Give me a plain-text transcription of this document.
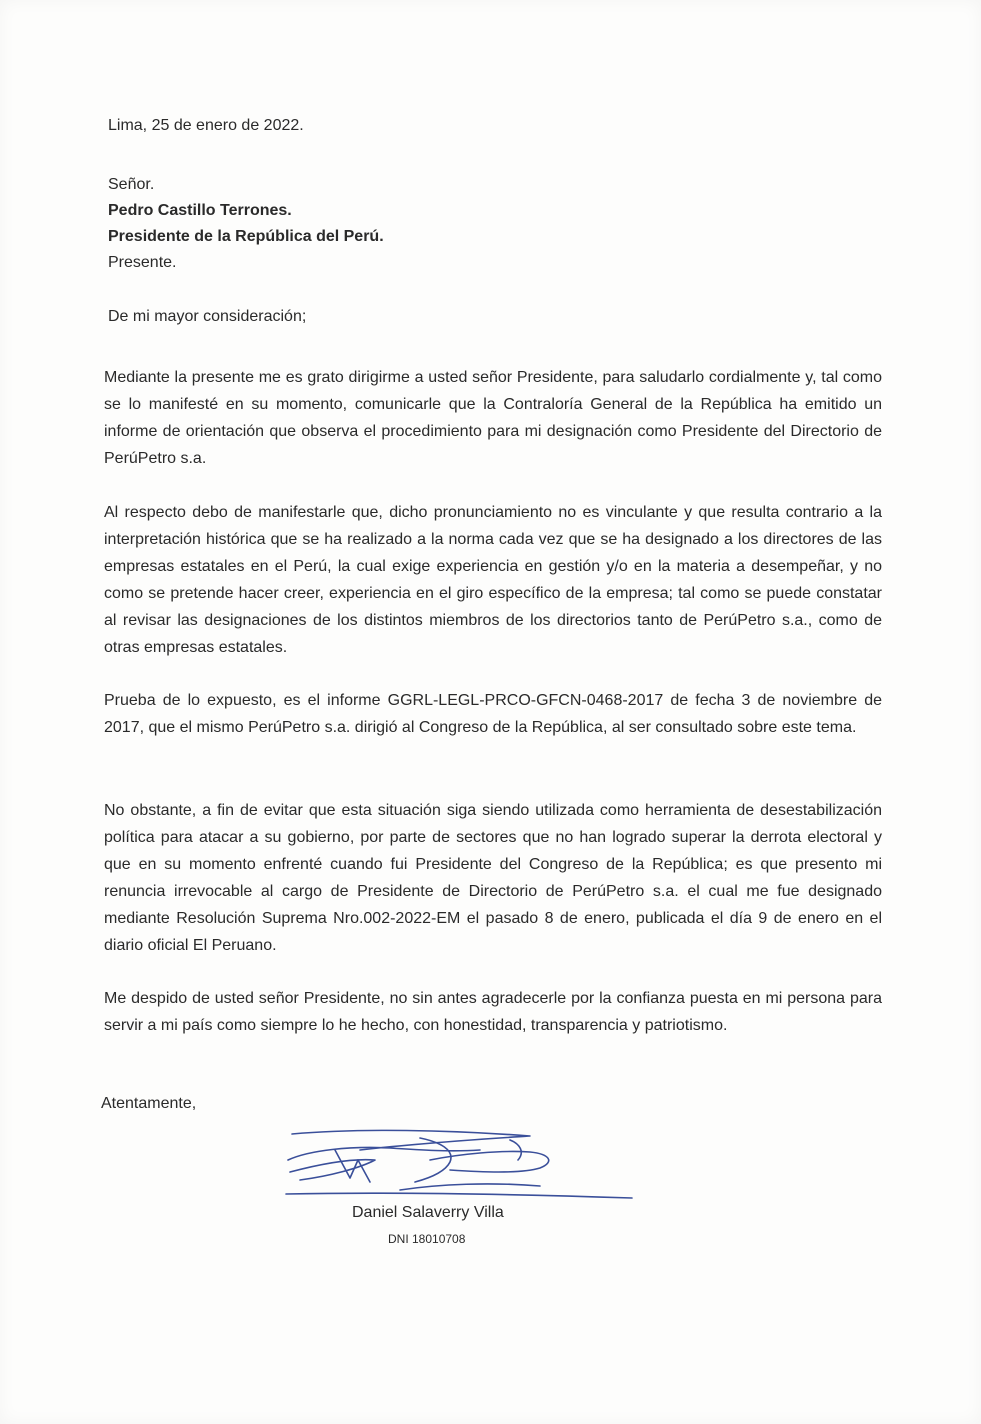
Lima, 25 de enero de 2022.
Señor.
Pedro Castillo Terrones.
Presidente de la República del Perú.
Presente.
De mi mayor consideración;

Mediante la presente me es grato dirigirme a usted señor Presidente, para saludarlo cordialmente y, tal como se lo manifesté en su momento, comunicarle que la Contraloría General de la República ha emitido un informe de orientación que observa el procedimiento para mi designación como Presidente del Directorio de PerúPetro s.a.

Al respecto debo de manifestarle que, dicho pronunciamiento no es vinculante y que resulta contrario a la interpretación histórica que se ha realizado a la norma cada vez que se ha designado a los directores de las empresas estatales en el Perú, la cual exige experiencia en gestión y/o en la materia a desempeñar, y no como se pretende hacer creer, experiencia en el giro específico de la empresa; tal como se puede constatar al revisar las designaciones de los distintos miembros de los directorios tanto de PerúPetro s.a., como de otras empresas estatales.

Prueba de lo expuesto, es el informe GGRL-LEGL-PRCO-GFCN-0468-2017 de fecha 3 de noviembre de 2017, que el mismo PerúPetro s.a. dirigió al Congreso de la República, al ser consultado sobre este tema.

No obstante, a fin de evitar que esta situación siga siendo utilizada como herramienta de desestabilización política para atacar a su gobierno, por parte de sectores que no han logrado superar la derrota electoral y que en su momento enfrenté cuando fui Presidente del Congreso de la República; es que presento mi renuncia irrevocable al cargo de Presidente de Directorio de PerúPetro s.a. el cual me fue designado mediante Resolución Suprema Nro.002-2022-EM el pasado 8 de enero, publicada el día 9 de enero en el diario oficial El Peruano.

Me despido de usted señor Presidente, no sin antes agradecerle por la confianza puesta en mi persona para servir a mi país como siempre lo he hecho, con honestidad, transparencia y patriotismo.

Atentamente,
Daniel Salaverry Villa
DNI 18010708
